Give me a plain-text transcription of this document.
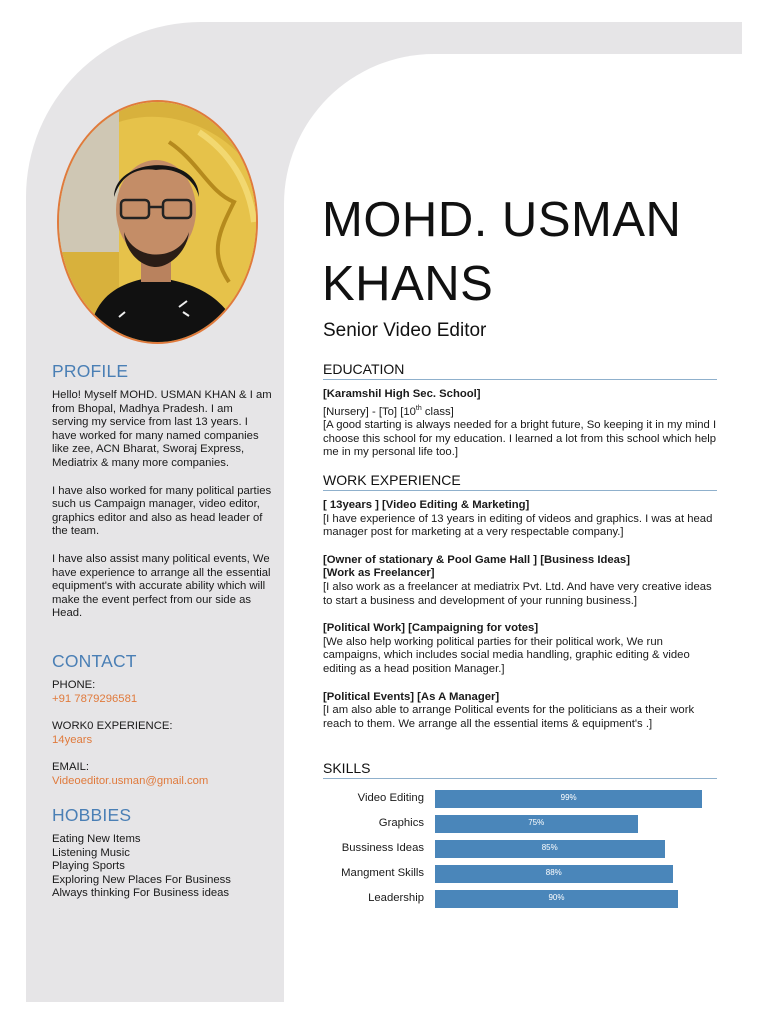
PROFILE

Hello! Myself MOHD. USMAN KHAN & I am from Bhopal, Madhya Pradesh. I am serving my service from last 13 years. I have worked for many named companies like zee, ACN Bharat, Sworaj Express, Mediatrix & many more companies.

I have also worked for many political parties such us Campaign manager, video editor, graphics editor and also as head leader of the team.

I have also assist many political events, We have experience to arrange all the essential equipment's with accurate ability which will make the event perfect from our side as Head.

CONTACT
PHONE:
+91 7879296581
WORK0 EXPERIENCE:
14years
EMAIL:
Videoeditor.usman@gmail.com
HOBBIES
Eating New Items
Listening Music
Playing Sports
Exploring New Places For Business
Always thinking For Business ideas
MOHD. USMAN
KHANS
Senior Video Editor
EDUCATION
[Karamshil High Sec. School]
[Nursery] - [To] [10th class]
[A good starting is always needed for a bright future, So keeping it in my mind I choose this school for my education. I learned a lot from this school which help me in my personal life too.]
WORK EXPERIENCE
[ 13years ] [Video Editing & Marketing]
[I have experience of 13 years in editing of videos and graphics. I was at head manager post for marketing at a very respectable company.]
[Owner of stationary & Pool Game Hall ] [Business Ideas]
[Work as Freelancer]
[I also work as a freelancer at mediatrix Pvt. Ltd. And have very creative ideas to start a business and development of your running business.]
[Political Work] [Campaigning for votes]
[We also help working political parties for their political work, We run campaigns, which includes social media handling, graphic editing & video editing as a head position Manager.]
[Political Events] [As A Manager]
[I am also able to arrange Political events for the politicians as a their work reach to them. We arrange all the essential items & equipment's .]
SKILLS
Video Editing	99%
Graphics	75%
Bussiness Ideas	85%
Mangment Skills	88%
Leadership	90%
